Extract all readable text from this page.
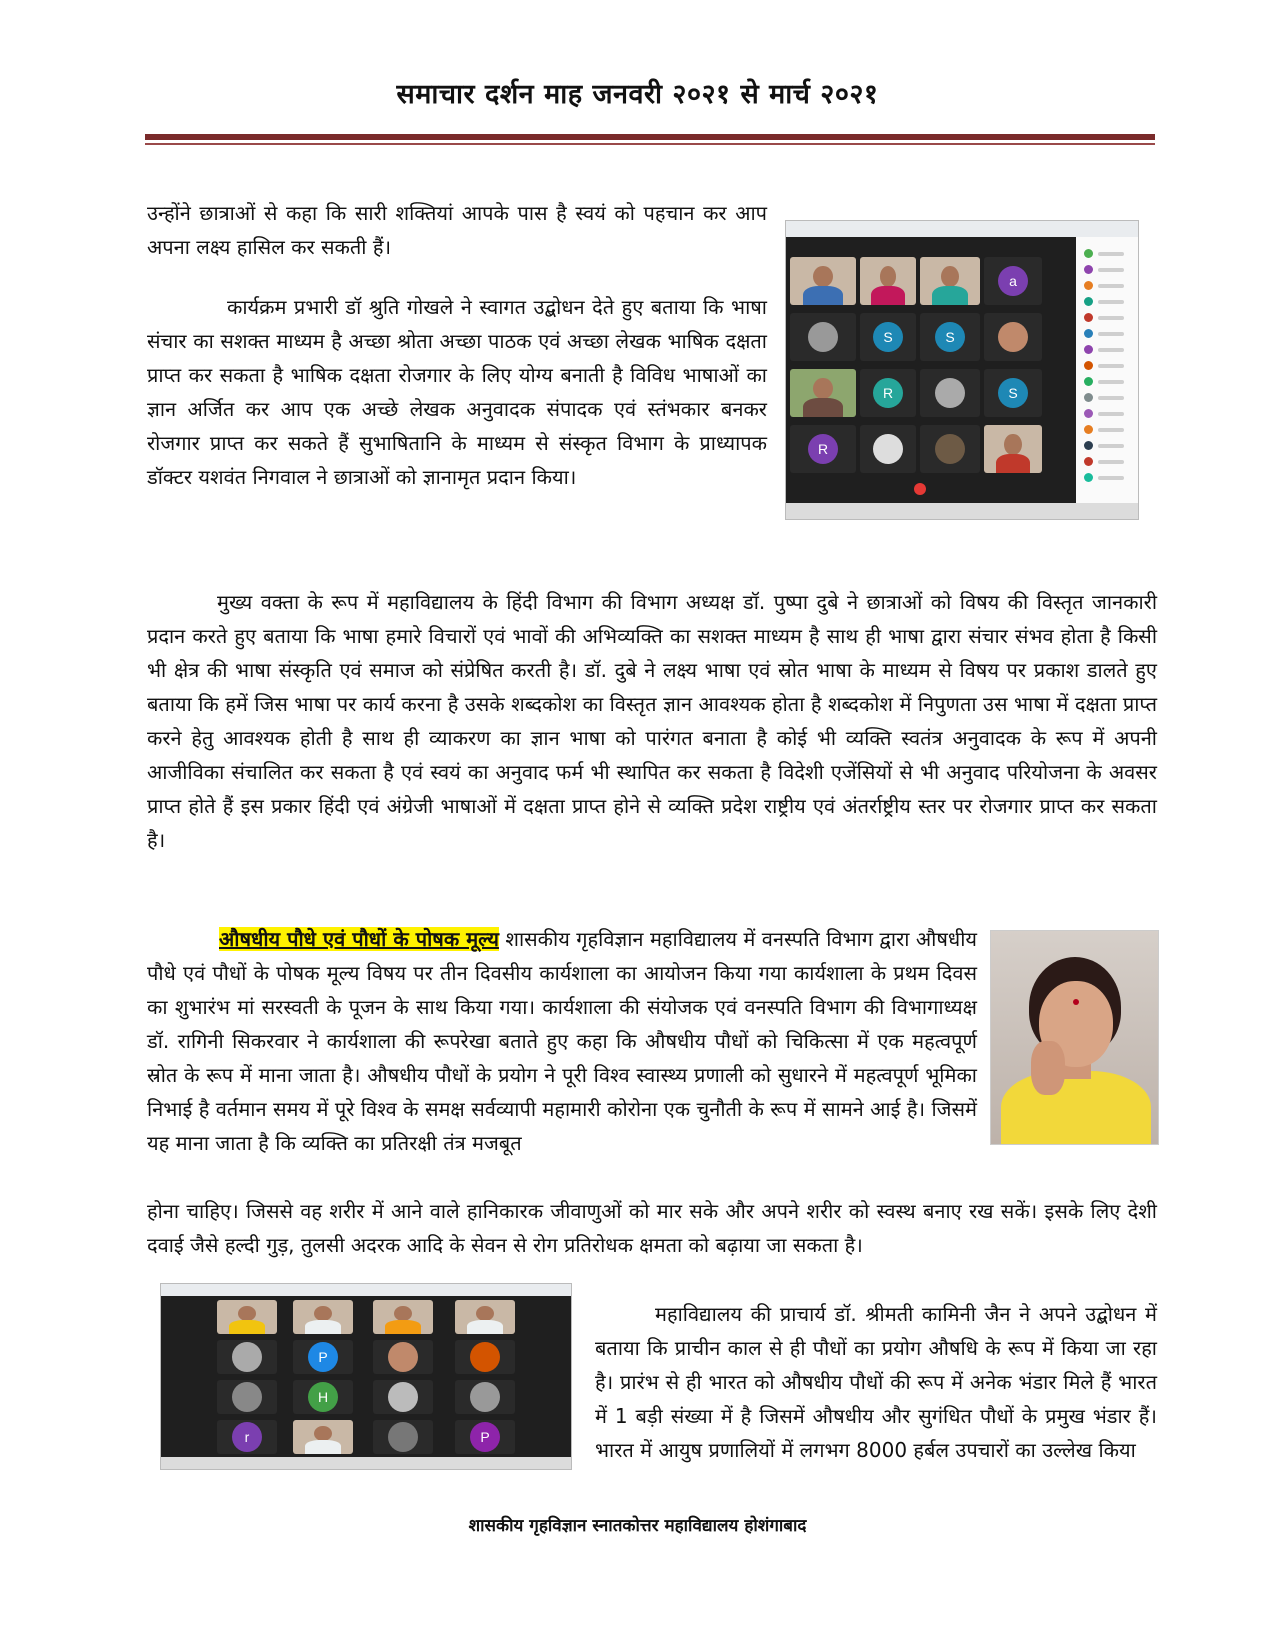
समाचार दर्शन माह जनवरी २०२१ से मार्च २०२१

उन्होंने छात्राओं से कहा कि सारी शक्तियां आपके पास है स्वयं को पहचान कर आप अपना लक्ष्य हासिल कर सकती हैं।

कार्यक्रम प्रभारी डॉ श्रुति गोखले ने स्वागत उद्बोधन देते हुए बताया कि भाषा संचार का सशक्त माध्यम है अच्छा श्रोता अच्छा पाठक एवं अच्छा लेखक भाषिक दक्षता प्राप्त कर सकता है भाषिक दक्षता रोजगार के लिए योग्य बनाती है विविध भाषाओं का ज्ञान अर्जित कर आप एक अच्छे लेखक अनुवादक संपादक एवं स्तंभकार बनकर रोजगार प्राप्त कर सकते हैं सुभाषितानि के माध्यम से संस्कृत विभाग के प्राध्यापक डॉक्टर यशवंत निगवाल ने छात्राओं को ज्ञानामृत प्रदान किया।

a
S	S
R	S
R

मुख्य वक्ता के रूप में महाविद्यालय के हिंदी विभाग की विभाग अध्यक्ष डॉ. पुष्पा दुबे ने छात्राओं को विषय की विस्तृत जानकारी प्रदान करते हुए बताया कि भाषा हमारे विचारों एवं भावों की अभिव्यक्ति का सशक्त माध्यम है साथ ही भाषा द्वारा संचार संभव होता है किसी भी क्षेत्र की भाषा संस्कृति एवं समाज को संप्रेषित करती है। डॉ. दुबे ने लक्ष्य भाषा एवं स्रोत भाषा के माध्यम से विषय पर प्रकाश डालते हुए बताया कि हमें जिस भाषा पर कार्य करना है उसके शब्दकोश का विस्तृत ज्ञान आवश्यक होता है शब्दकोश में निपुणता उस भाषा में दक्षता प्राप्त करने हेतु आवश्यक होती है साथ ही व्याकरण का ज्ञान भाषा को पारंगत बनाता है कोई भी व्यक्ति स्वतंत्र अनुवादक के रूप में अपनी आजीविका संचालित कर सकता है एवं स्वयं का अनुवाद फर्म भी स्थापित कर सकता है विदेशी एजेंसियों से भी अनुवाद परियोजना के अवसर प्राप्त होते हैं इस प्रकार हिंदी एवं अंग्रेजी भाषाओं में दक्षता प्राप्त होने से व्यक्ति प्रदेश राष्ट्रीय एवं अंतर्राष्ट्रीय स्तर पर रोजगार प्राप्त कर सकता है।

औषधीय पौधे एवं पौधों के पोषक मूल्य शासकीय गृहविज्ञान महाविद्यालय में वनस्पति विभाग द्वारा औषधीय पौधे एवं पौधों के पोषक मूल्य विषय पर तीन दिवसीय कार्यशाला का आयोजन किया गया कार्यशाला के प्रथम दिवस का शुभारंभ मां सरस्वती के पूजन के साथ किया गया। कार्यशाला की संयोजक एवं वनस्पति विभाग की विभागाध्यक्ष डॉ. रागिनी सिकरवार ने कार्यशाला की रूपरेखा बताते हुए कहा कि औषधीय पौधों को चिकित्सा में एक महत्वपूर्ण स्रोत के रूप में माना जाता है। औषधीय पौधों के प्रयोग ने पूरी विश्व स्वास्थ्य प्रणाली को सुधारने में महत्वपूर्ण भूमिका निभाई है वर्तमान समय में पूरे विश्व के समक्ष सर्वव्यापी महामारी कोरोना एक चुनौती के रूप में सामने आई है। जिसमें यह माना जाता है कि व्यक्ति का प्रतिरक्षी तंत्र मजबूत

होना चाहिए। जिससे वह शरीर में आने वाले हानिकारक जीवाणुओं को मार सके और अपने शरीर को स्वस्थ बनाए रख सकें। इसके लिए देशी दवाई जैसे हल्दी गुड़, तुलसी अदरक आदि के सेवन से रोग प्रतिरोधक क्षमता को बढ़ाया जा सकता है।

P
H
r	P

महाविद्यालय की प्राचार्य डॉ. श्रीमती कामिनी जैन ने अपने उद्बोधन में बताया कि प्राचीन काल से ही पौधों का प्रयोग औषधि के रूप में किया जा रहा है। प्रारंभ से ही भारत को औषधीय पौधों की रूप में अनेक भंडार मिले हैं भारत में 1 बड़ी संख्या में है जिसमें औषधीय और सुगंधित पौधों के प्रमुख भंडार हैं। भारत में आयुष प्रणालियों में लगभग 8000 हर्बल उपचारों का उल्लेख किया

शासकीय गृहविज्ञान स्नातकोत्तर महाविद्यालय होशंगाबाद
